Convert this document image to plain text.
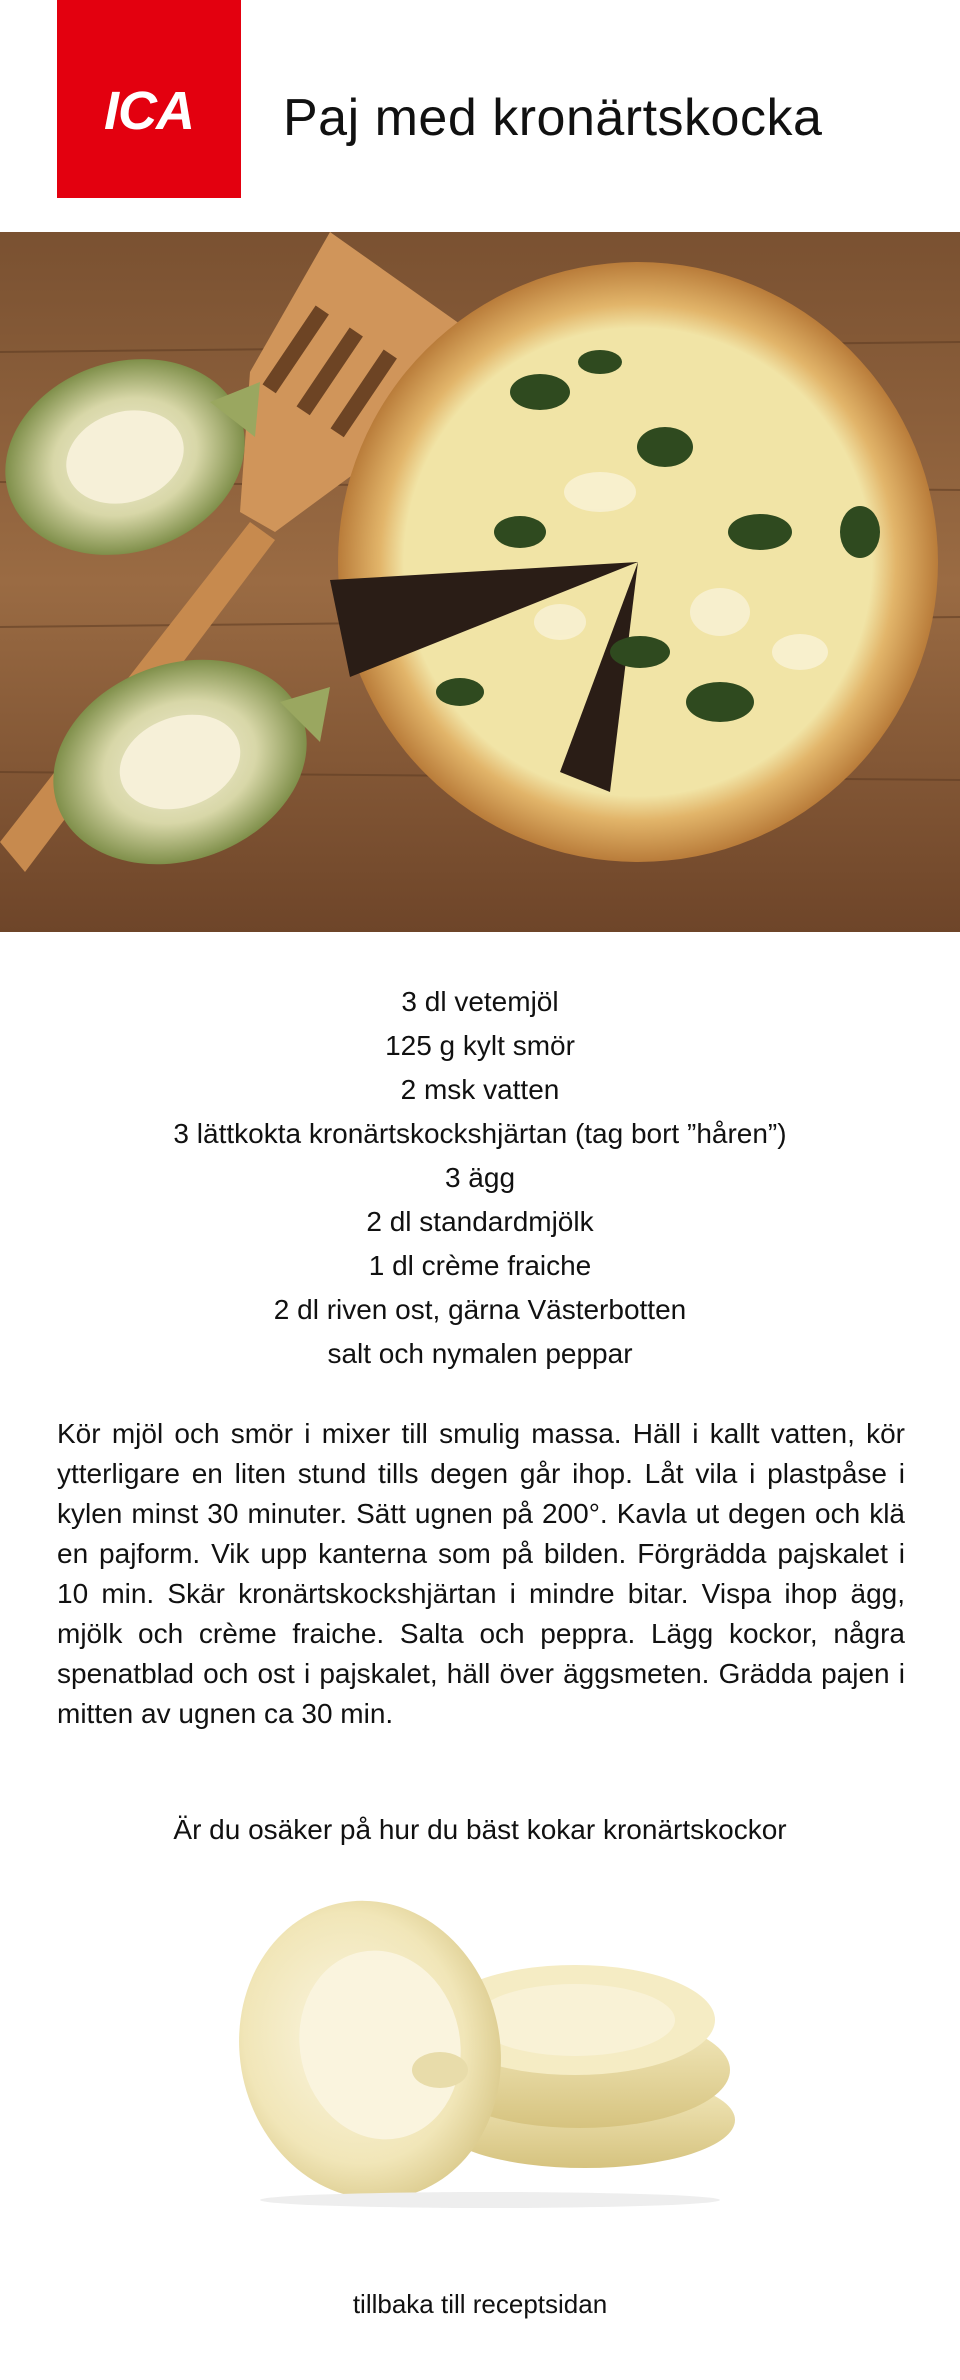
ICA Paj med kronärtskocka
3 dl vetemjöl
125 g kylt smör
2 msk vatten
3 lättkokta kronärtskockshjärtan (tag bort ”håren”)
3 ägg
2 dl standardmjölk
1 dl crème fraiche
2 dl riven ost, gärna Västerbotten
salt och nymalen peppar

Kör mjöl och smör i mixer till smulig massa. Häll i kallt vatten, kör ytterligare en liten stund tills degen går ihop. Låt vila i plastpåse i kylen minst 30 minuter. Sätt ugnen på 200°. Kavla ut degen och klä en pajform. Vik upp kanterna som på bilden. Förgrädda pajskalet i 10 min. Skär kronärtskockshjärtan i mindre bitar. Vispa ihop ägg, mjölk och crème fraiche. Salta och peppra. Lägg kockor, några spenatblad och ost i pajskalet, häll över äggsmeten. Grädda pajen i mitten av ugnen ca 30 min.

Är du osäker på hur du bäst kokar kronärtskockor
tillbaka till receptsidan
